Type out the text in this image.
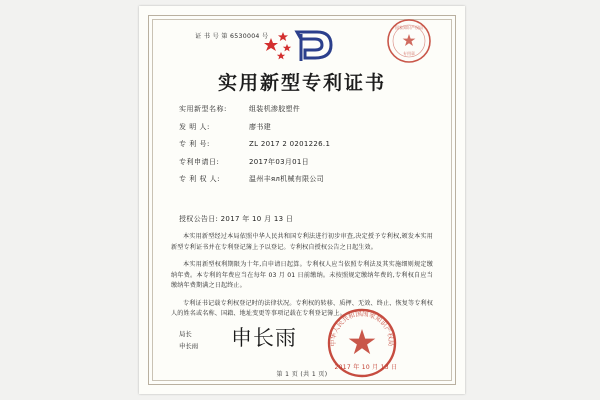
证 书 号 第 6530004 号
国家知识产权局
专用章
实用新型专利证书
实用新型名称:	组装机渗胶塑件
发 明 人:	廖书建
专 利 号:	ZL 2017 2 0201226.1
专利申请日:	2017年03月01日
专 利 权 人:	温州丰ял机械有限公司
授权公告日: 2017 年 10 月 13 日

本实用新型经过本局依照中华人民共和国专利法进行初步审查,决定授予专利权,颁发本实用新型专利证书并在专利登记簿上予以登记。专利权自授权公告之日起生效。

本实用新型权利期限为十年,自申请日起算。专利权人应当依照专利法及其实施细则规定缴纳年费。本专利的年费应当在每年 03 月 01 日前缴纳。未按照规定缴纳年费的,专利权自应当缴纳年费期满之日起终止。

专利证书记载专利权登记时的法律状况。专利权的转移、质押、无效、终止、恢复等专利权人的姓名或名称、国籍、地址变更等事项记载在专利登记簿上。

局长
申长雨 申长雨	中华人民共和国国家知识产权局
2017 年 10 月 13 日
第 1 页 (共 1 页)
